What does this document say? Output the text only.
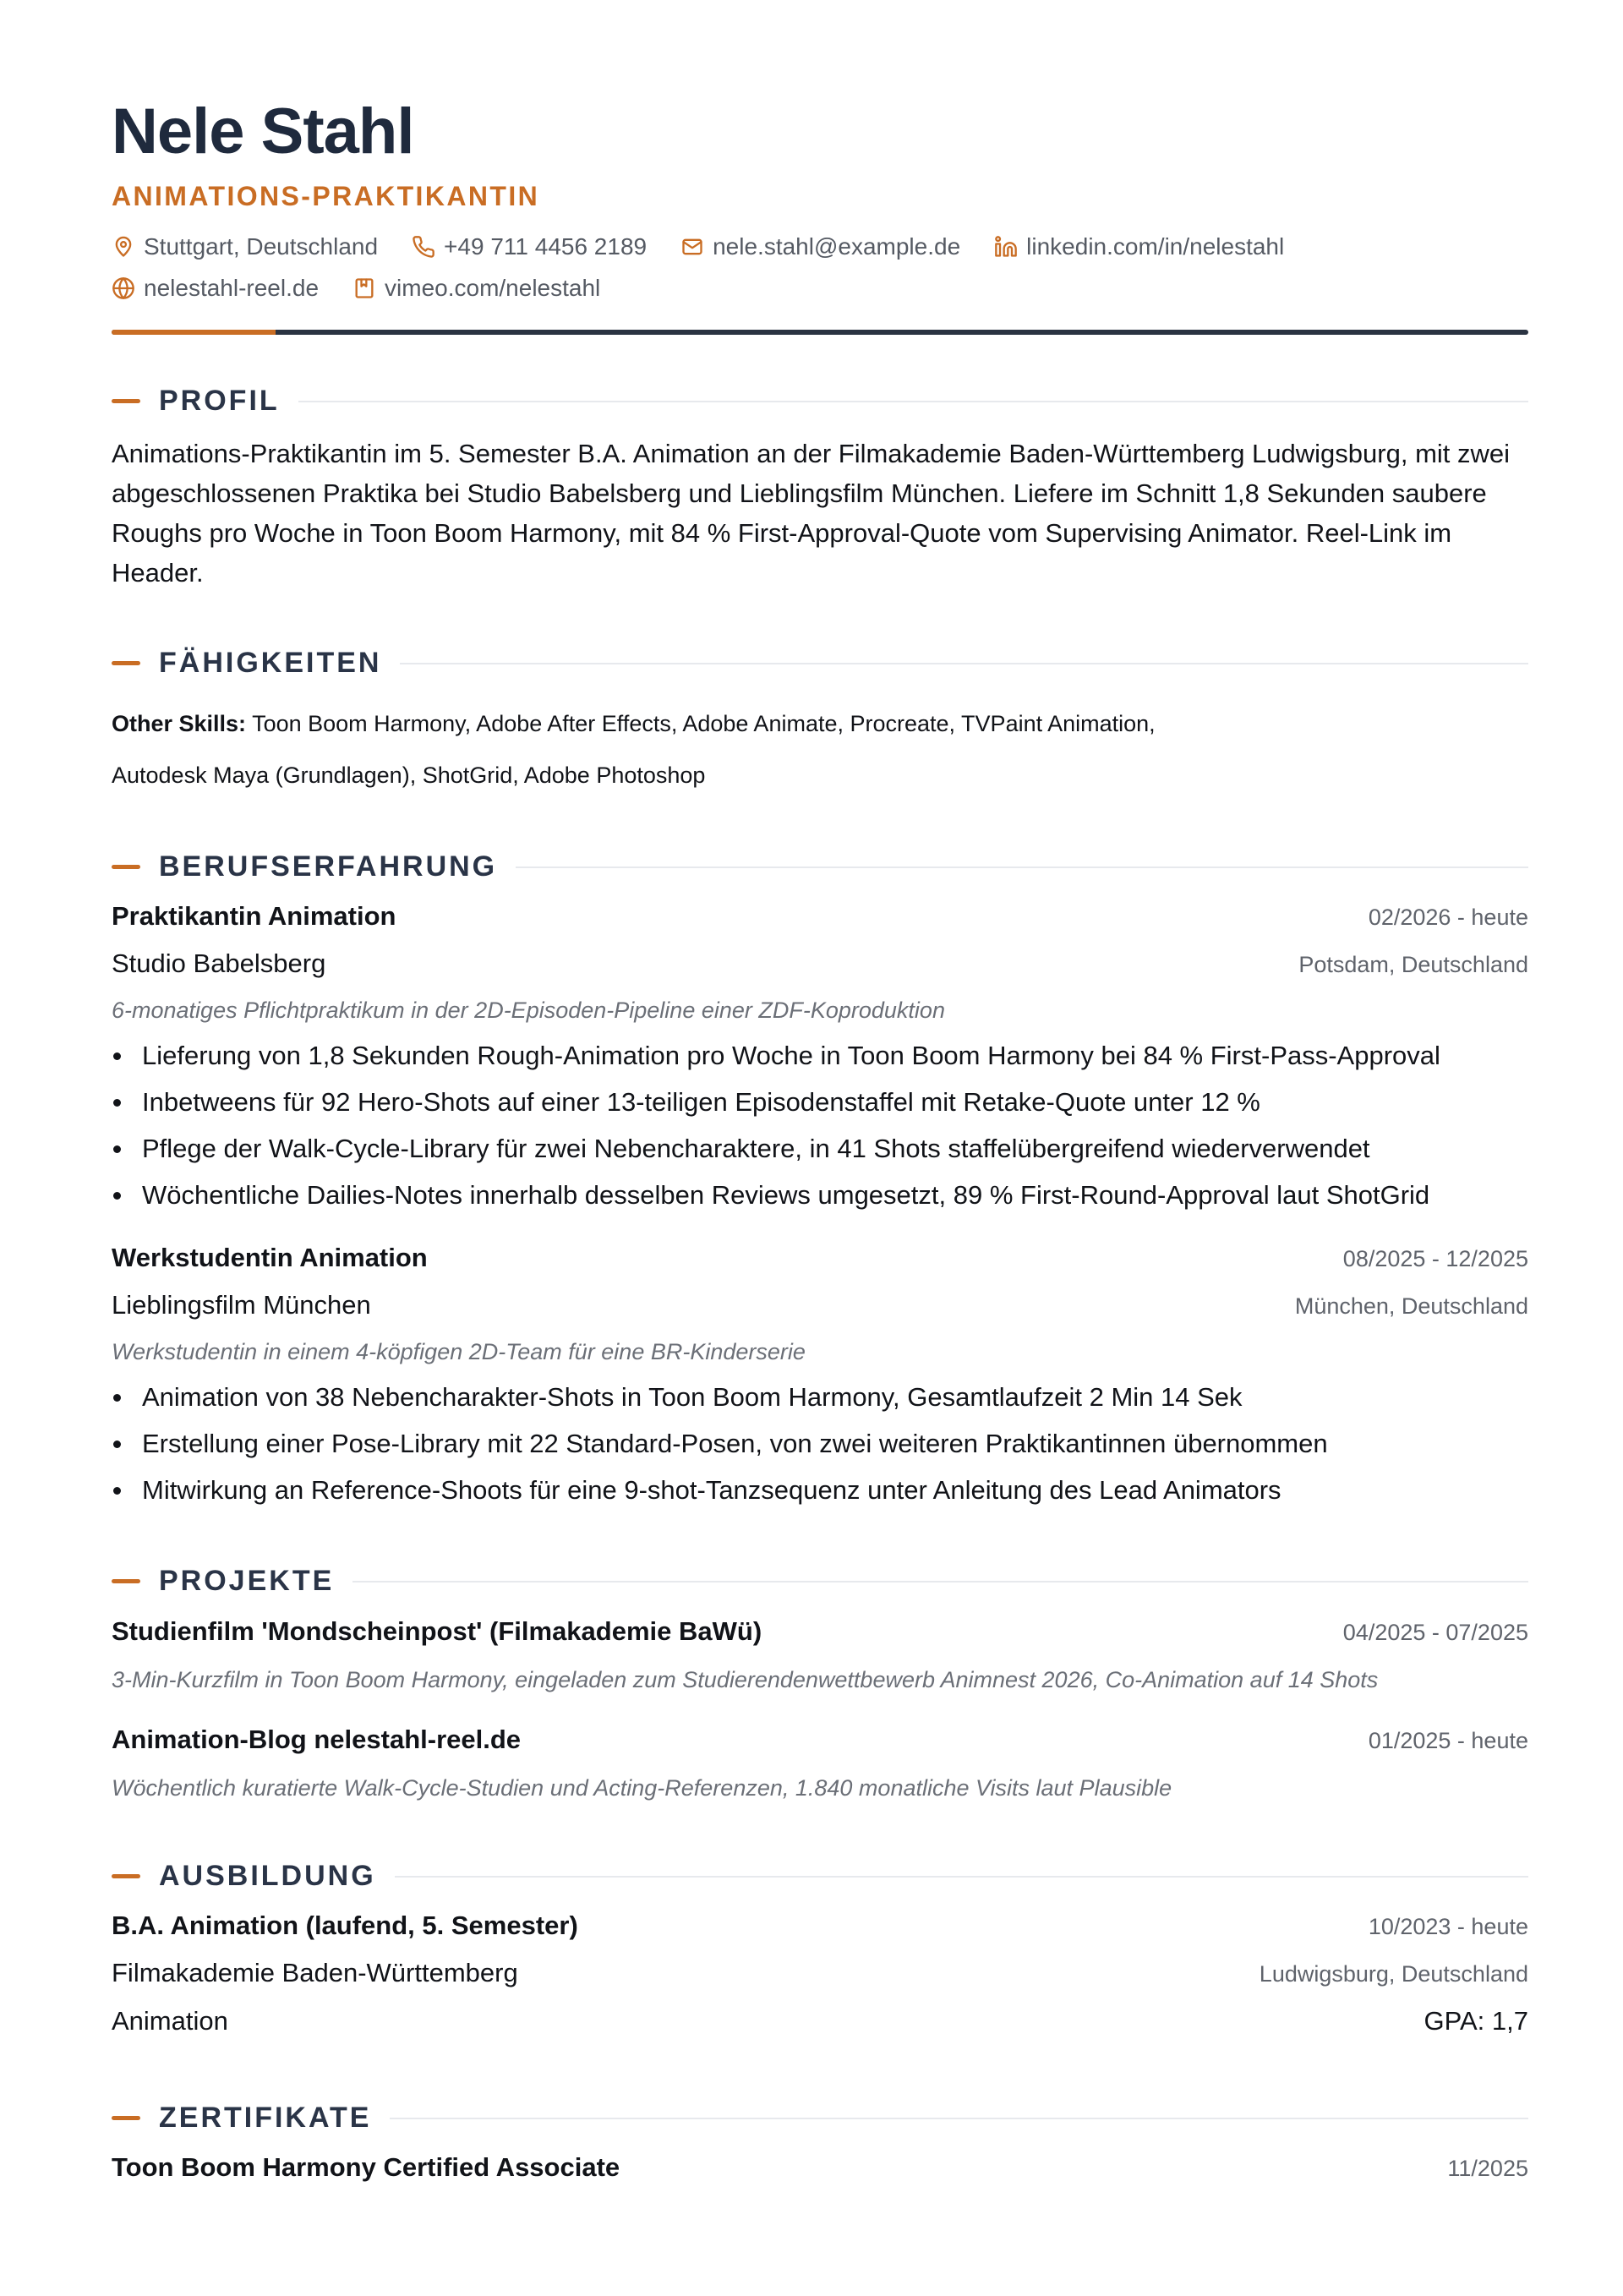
Nele Stahl
ANIMATIONS-PRAKTIKANTIN
Stuttgart, Deutschland	+49 711 4456 2189	nele.stahl@example.de	linkedin.com/in/nelestahl
nelestahl-reel.de	vimeo.com/nelestahl
PROFIL

Animations-Praktikantin im 5. Semester B.A. Animation an der Filmakademie Baden-Württemberg Ludwigsburg, mit zwei abgeschlossenen Praktika bei Studio Babelsberg und Lieblingsfilm München. Liefere im Schnitt 1,8 Sekunden saubere Roughs pro Woche in Toon Boom Harmony, mit 84 % First-Approval-Quote vom Supervising Animator. Reel-Link im Header.

FÄHIGKEITEN
Other Skills: Toon Boom Harmony, Adobe After Effects, Adobe Animate, Procreate, TVPaint Animation,
Autodesk Maya (Grundlagen), ShotGrid, Adobe Photoshop
BERUFSERFAHRUNG
Praktikantin Animation	02/2026 - heute
Studio Babelsberg	Potsdam, Deutschland
6-monatiges Pflichtpraktikum in der 2D-Episoden-Pipeline einer ZDF-Koproduktion
Lieferung von 1,8 Sekunden Rough-Animation pro Woche in Toon Boom Harmony bei 84 % First-Pass-Approval
Inbetweens für 92 Hero-Shots auf einer 13-teiligen Episodenstaffel mit Retake-Quote unter 12 %
Pflege der Walk-Cycle-Library für zwei Nebencharaktere, in 41 Shots staffelübergreifend wiederverwendet
Wöchentliche Dailies-Notes innerhalb desselben Reviews umgesetzt, 89 % First-Round-Approval laut ShotGrid
Werkstudentin Animation	08/2025 - 12/2025
Lieblingsfilm München	München, Deutschland
Werkstudentin in einem 4-köpfigen 2D-Team für eine BR-Kinderserie
Animation von 38 Nebencharakter-Shots in Toon Boom Harmony, Gesamtlaufzeit 2 Min 14 Sek
Erstellung einer Pose-Library mit 22 Standard-Posen, von zwei weiteren Praktikantinnen übernommen
Mitwirkung an Reference-Shoots für eine 9-shot-Tanzsequenz unter Anleitung des Lead Animators
PROJEKTE
Studienfilm 'Mondscheinpost' (Filmakademie BaWü)	04/2025 - 07/2025
3-Min-Kurzfilm in Toon Boom Harmony, eingeladen zum Studierendenwettbewerb Animnest 2026, Co-Animation auf 14 Shots
Animation-Blog nelestahl-reel.de	01/2025 - heute
Wöchentlich kuratierte Walk-Cycle-Studien und Acting-Referenzen, 1.840 monatliche Visits laut Plausible
AUSBILDUNG
B.A. Animation (laufend, 5. Semester)	10/2023 - heute
Filmakademie Baden-Württemberg	Ludwigsburg, Deutschland
Animation	GPA: 1,7
ZERTIFIKATE
Toon Boom Harmony Certified Associate	11/2025
